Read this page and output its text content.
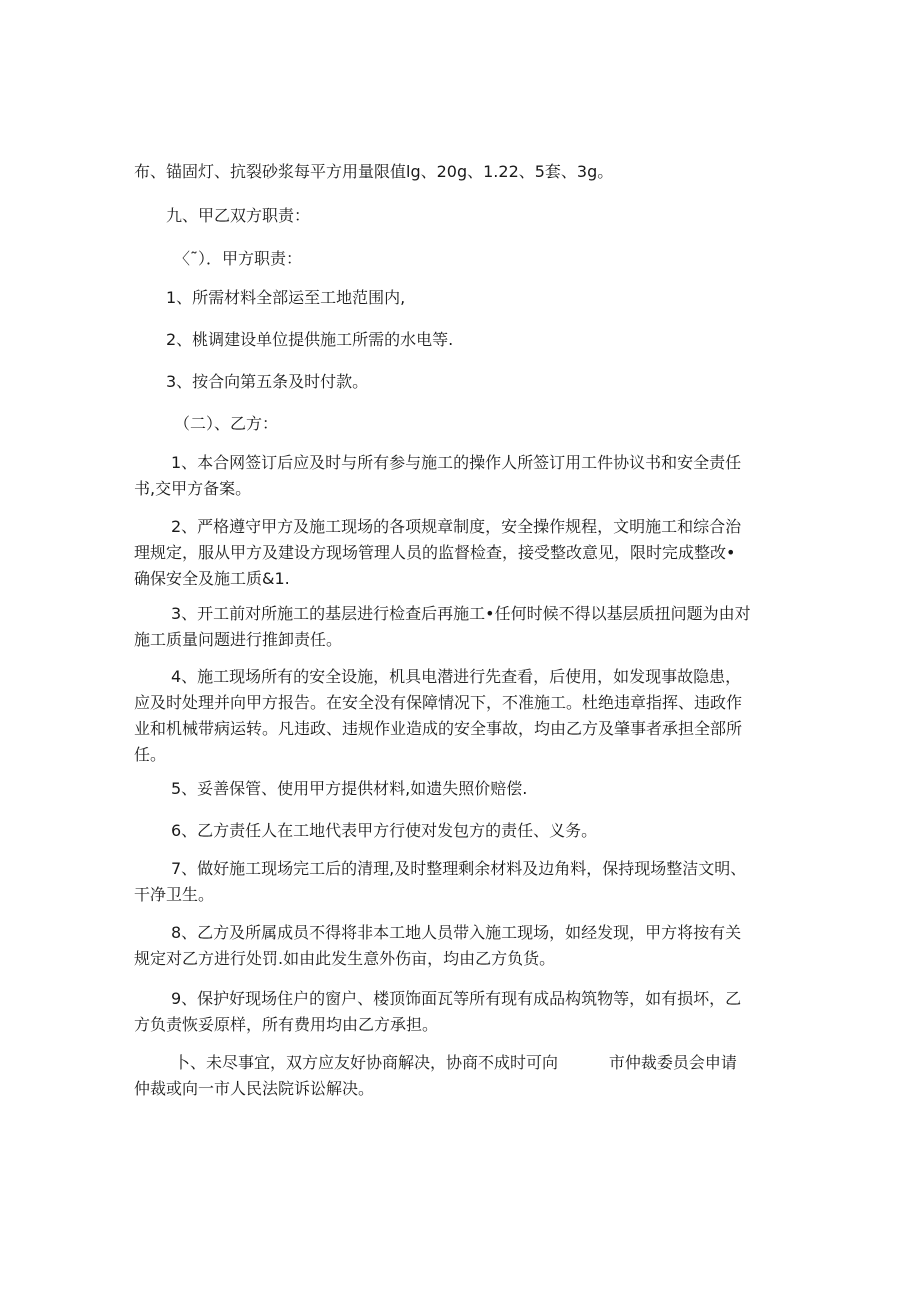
布、锚固灯、抗裂砂浆每平方用量限值lg、20g、1.22、5套、3g。

九、甲乙双方职责：

〈˜）．甲方职责：

1、所需材料全部运至工地范围内,

2、桃调建设单位提供施工所需的水电等.

3、按合向第五条及时付款。

（二）、乙方：

1、本合网签订后应及时与所有参与施工的操作人所签订用工件协议书和安全责任
书,交甲方备案。

2、严格遵守甲方及施工现场的各项规章制度，安全操作规程，文明施工和综合治
理规定，服从甲方及建设方现场管理人员的监督检查，接受整改意见，限时完成整改•
确保安全及施工质&1.

3、开工前对所施工的基层进行检查后再施工•任何时候不得以基层质扭问题为由对
施工质量问题进行推卸责任。

4、施工现场所有的安全设施，机具电潜进行先查看，后使用，如发现事故隐患，
应及时处理并向甲方报告。在安全没有保障情况下，不准施工。杜绝违章指挥、违政作
业和机械带病运转。凡违政、违规作业造成的安全事故，均由乙方及肇事者承担全部所
任。

5、妥善保管、使用甲方提供材料,如遗失照价赔偿.

6、乙方责任人在工地代表甲方行使对发包方的责任、义务。

7、做好施工现场完工后的清理,及时整理剩余材料及边角料，保持现场整洁文明、
干净卫生。

8、乙方及所属成员不得将非本工地人员带入施工现场，如经发现，甲方将按有关
规定对乙方进行处罚.如由此发生意外伤亩，均由乙方负货。

9、保护好现场住户的窗户、楼顶饰面瓦等所有现有成品构筑物等，如有损坏，乙
方负责恢妥原样，所有费用均由乙方承担。

卜、未尽事宜，双方应友好协商解决，协商不成时可向          市仲裁委员会申请
仲裁或向一市人民法院诉讼解决。
